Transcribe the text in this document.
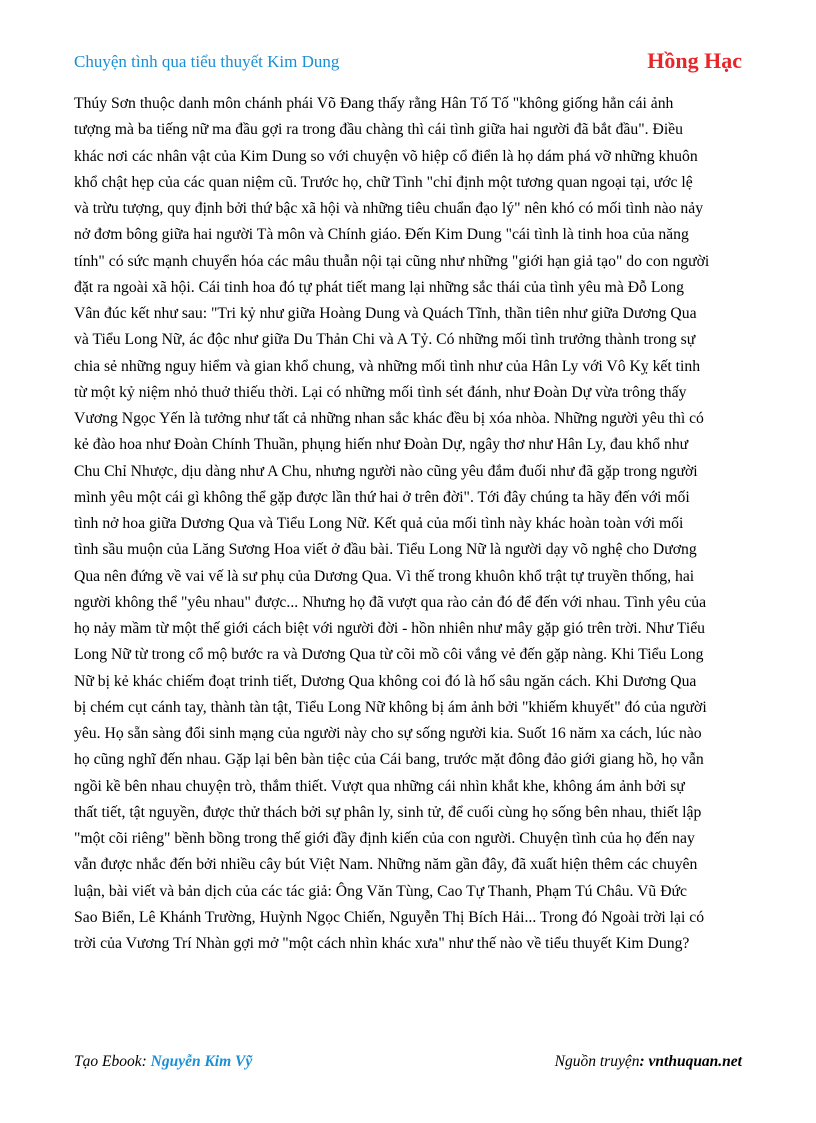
Chuyện tình qua tiểu thuyết Kim Dung	Hồng Hạc
Thúy Sơn thuộc danh môn chánh phái Võ Đang thấy rằng Hân Tố Tố "không giống hẳn cái ảnh
tượng mà ba tiếng nữ ma đầu gợi ra trong đầu chàng thì cái tình giữa hai người đã bắt đầu". Điều
khác nơi các nhân vật của Kim Dung so với chuyện võ hiệp cổ điển là họ dám phá vỡ những khuôn
khổ chật hẹp của các quan niệm cũ. Trước họ, chữ Tình "chỉ định một tương quan ngoại tại, ước lệ
và trừu tượng, quy định bởi thứ bậc xã hội và những tiêu chuẩn đạo lý" nên khó có mối tình nào nảy
nở đơm bông giữa hai người Tà môn và Chính giáo. Đến Kim Dung "cái tình là tinh hoa của năng
tính" có sức mạnh chuyển hóa các mâu thuẫn nội tại cũng như những "giới hạn giả tạo" do con người
đặt ra ngoài xã hội. Cái tinh hoa đó tự phát tiết mang lại những sắc thái của tình yêu mà Đỗ Long
Vân đúc kết như sau: "Tri kỷ như giữa Hoàng Dung và Quách Tĩnh, thần tiên như giữa Dương Qua
và Tiểu Long Nữ, ác độc như giữa Du Thản Chi và A Tỷ. Có những mối tình trưởng thành trong sự
chia sẻ những nguy hiểm và gian khổ chung, và những mối tình như của Hân Ly với Vô Kỵ kết tinh
từ một kỷ niệm nhỏ thuở thiếu thời. Lại có những mối tình sét đánh, như Đoàn Dự vừa trông thấy
Vương Ngọc Yến là tưởng như tất cả những nhan sắc khác đều bị xóa nhòa. Những người yêu thì có
kẻ đào hoa như Đoàn Chính Thuần, phụng hiến như Đoàn Dự, ngây thơ như Hân Ly, đau khổ như
Chu Chỉ Nhược, dịu dàng như A Chu, nhưng người nào cũng yêu đắm đuối như đã gặp trong người
mình yêu một cái gì không thể gặp được lần thứ hai ở trên đời". Tới đây chúng ta hãy đến với mối
tình nở hoa giữa Dương Qua và Tiểu Long Nữ. Kết quả của mối tình này khác hoàn toàn với mối
tình sầu muộn của Lăng Sương Hoa viết ở đầu bài. Tiểu Long Nữ là người dạy võ nghệ cho Dương
Qua nên đứng về vai vế là sư phụ của Dương Qua. Vì thế trong khuôn khổ trật tự truyền thống, hai
người không thể "yêu nhau" được... Nhưng họ đã vượt qua rào cản đó để đến với nhau. Tình yêu của
họ nảy mầm từ một thế giới cách biệt với người đời - hồn nhiên như mây gặp gió trên trời. Như Tiểu
Long Nữ từ trong cổ mộ bước ra và Dương Qua từ cõi mồ côi vắng vẻ đến gặp nàng. Khi Tiểu Long
Nữ bị kẻ khác chiếm đoạt trinh tiết, Dương Qua không coi đó là hố sâu ngăn cách. Khi Dương Qua
bị chém cụt cánh tay, thành tàn tật, Tiểu Long Nữ không bị ám ảnh bởi "khiếm khuyết" đó của người
yêu. Họ sẵn sàng đổi sinh mạng của người này cho sự sống người kia. Suốt 16 năm xa cách, lúc nào
họ cũng nghĩ đến nhau. Gặp lại bên bàn tiệc của Cái bang, trước mặt đông đảo giới giang hồ, họ vẫn
ngồi kề bên nhau chuyện trò, thắm thiết. Vượt qua những cái nhìn khắt khe, không ám ảnh bởi sự
thất tiết, tật nguyền, được thử thách bởi sự phân ly, sinh tử, để cuối cùng họ sống bên nhau, thiết lập
"một cõi riêng" bềnh bồng trong thế giới đầy định kiến của con người. Chuyện tình của họ đến nay
vẫn được nhắc đến bởi nhiều cây bút Việt Nam. Những năm gần đây, đã xuất hiện thêm các chuyên
luận, bài viết và bản dịch của các tác giả: Ông Văn Tùng, Cao Tự Thanh, Phạm Tú Châu. Vũ Đức
Sao Biển, Lê Khánh Trường, Huỳnh Ngọc Chiến, Nguyễn Thị Bích Hải... Trong đó Ngoài trời lại có
trời của Vương Trí Nhàn gợi mở "một cách nhìn khác xưa" như thế nào về tiểu thuyết Kim Dung?
Tạo Ebook: Nguyễn Kim Vỹ	Nguồn truyện: vnthuquan.net
